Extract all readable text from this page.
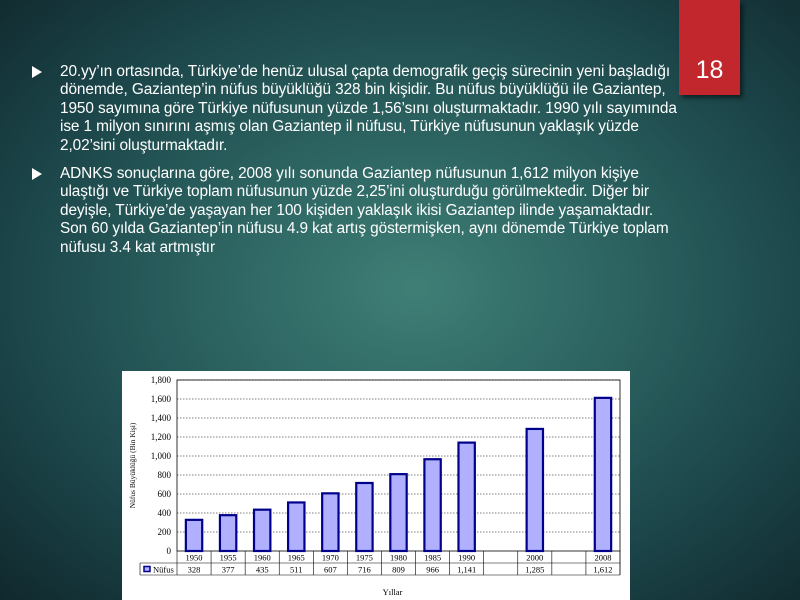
18
20.yy’ın ortasında, Türkiye’de henüz ulusal çapta demografik geçiş sürecinin yeni başladığı dönemde, Gaziantep’in nüfus büyüklüğü 328 bin kişidir. Bu nüfus büyüklüğü ile Gaziantep, 1950 sayımına göre Türkiye nüfusunun yüzde 1,56’sını oluşturmaktadır. 1990 yılı sayımında ise 1 milyon sınırını aşmış olan Gaziantep il nüfusu, Türkiye nüfusunun yaklaşık yüzde 2,02’sini oluşturmaktadır.
ADNKS sonuçlarına göre, 2008 yılı sonunda Gaziantep nüfusunun 1,612 milyon kişiye ulaştığı ve Türkiye toplam nüfusunun yüzde 2,25’ini oluşturduğu görülmektedir. Diğer bir deyişle, Türkiye’de yaşayan her 100 kişiden yaklaşık ikisi Gaziantep ilinde yaşamaktadır. Son 60 yılda Gaziantep’in nüfusu 4.9 kat artış göstermişken, aynı dönemde Türkiye toplam nüfusu 3.4 kat artmıştır
0
200
400
600
800
1,000
1,200
1,400
1,600
1,800
Nüfus Büyüklüğü (Bin Kişi)
1950
328
1955
377
1960
435
1965
511
1970
607
1975
716
1980
809
1985
966
1990
1,141
2000
1,285
2008
1,612
Nüfus
Yıllar
